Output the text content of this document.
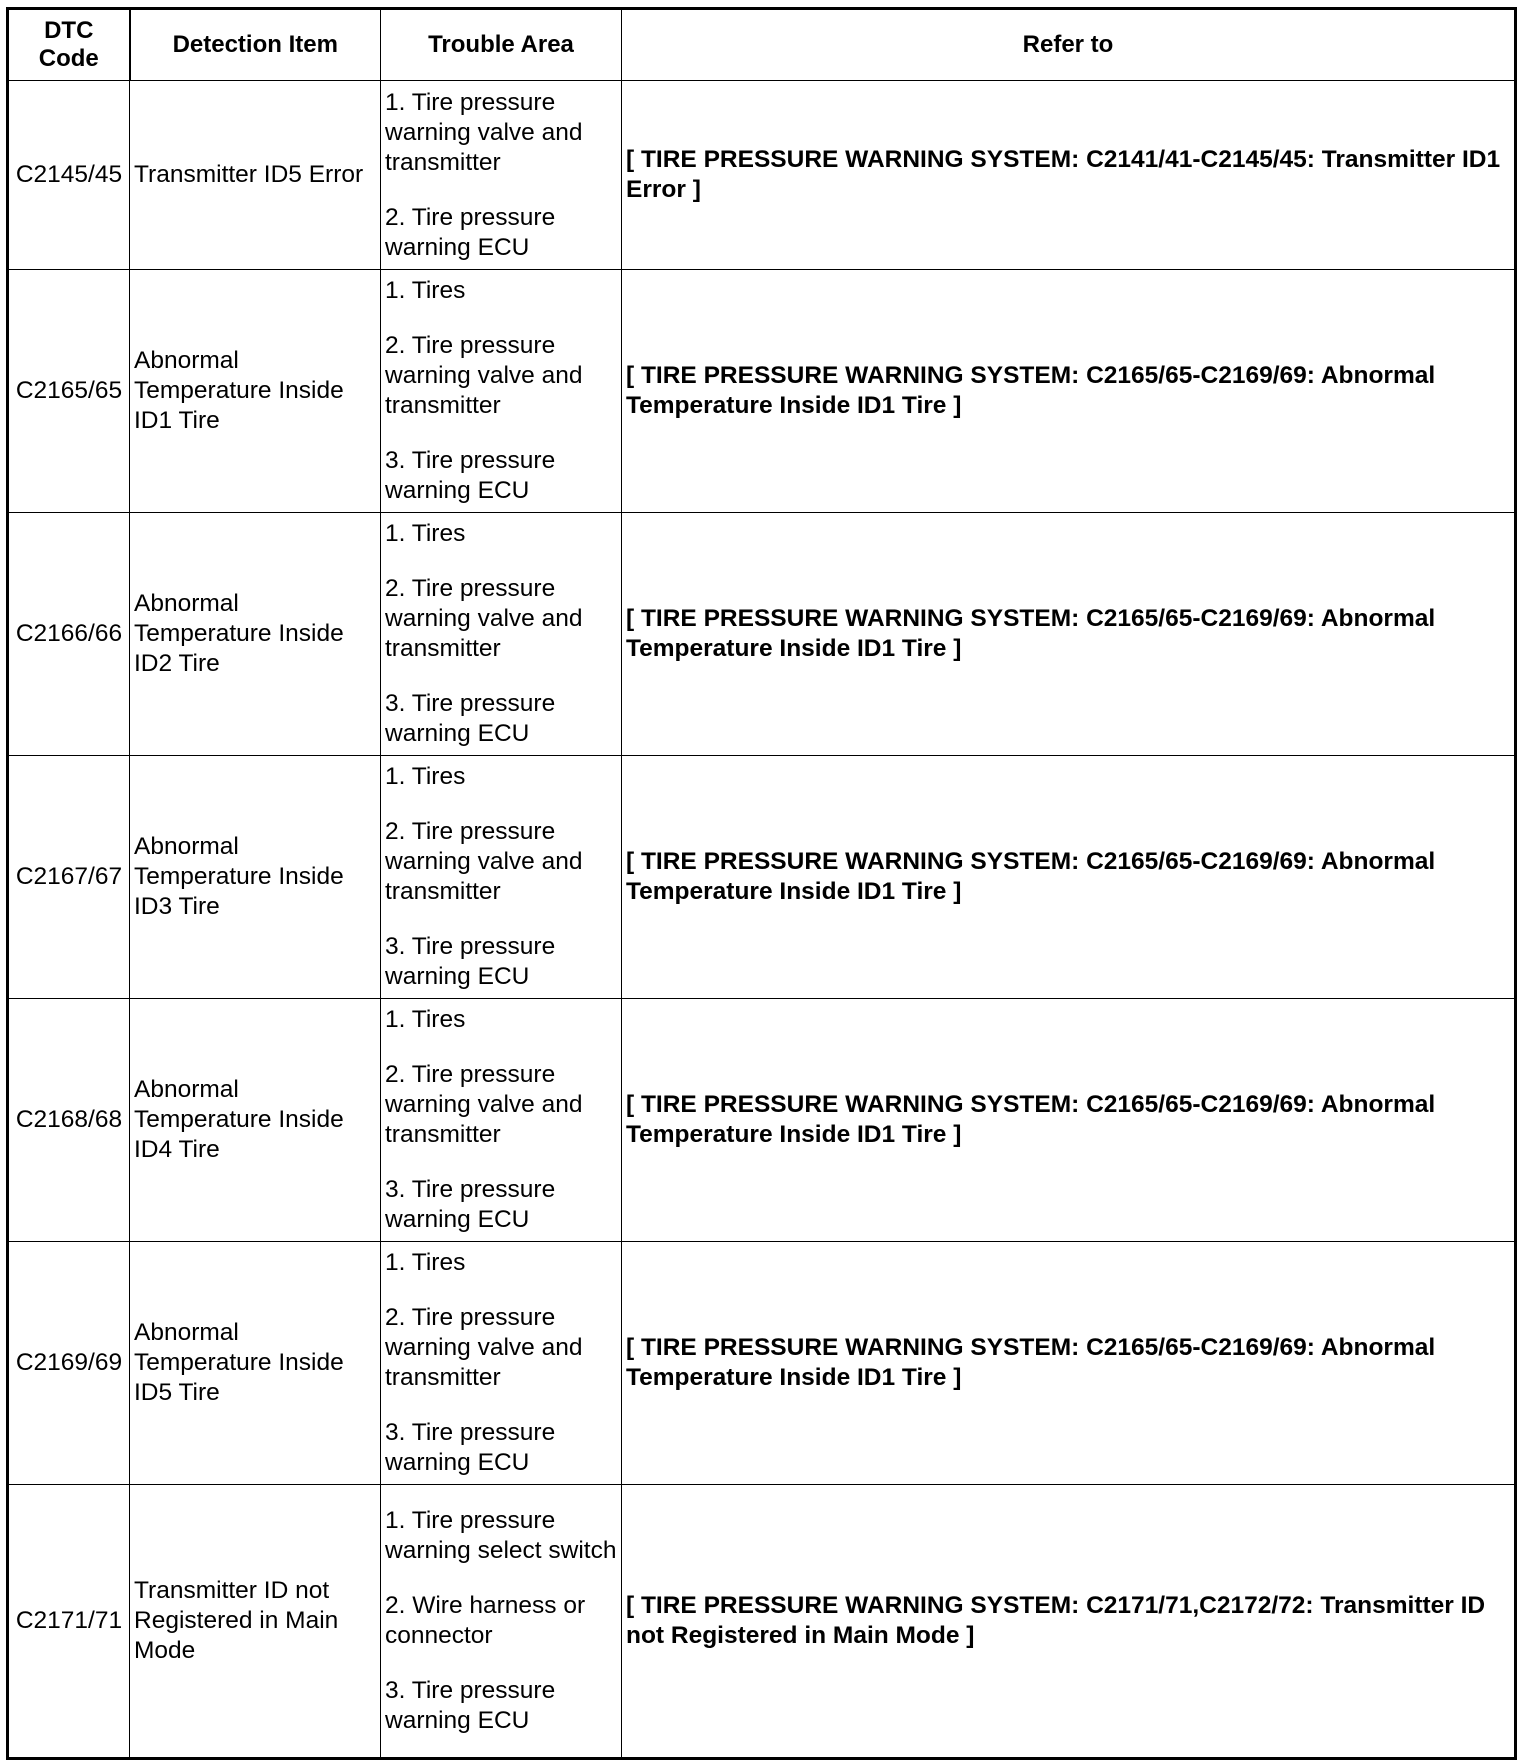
DTC
Code	Detection Item	Trouble Area	Refer to
C2145/45	Transmitter ID5 Error	1. Tire pressure warning valve and transmitter
2. Tire pressure warning ECU	[ TIRE PRESSURE WARNING SYSTEM: C2141/41-C2145/45: Transmitter ID1 Error ]
C2165/65	Abnormal Temperature Inside ID1 Tire	1. Tires
2. Tire pressure warning valve and transmitter
3. Tire pressure warning ECU	[ TIRE PRESSURE WARNING SYSTEM: C2165/65-C2169/69: Abnormal Temperature Inside ID1 Tire ]
C2166/66	Abnormal Temperature Inside ID2 Tire	1. Tires
2. Tire pressure warning valve and transmitter
3. Tire pressure warning ECU	[ TIRE PRESSURE WARNING SYSTEM: C2165/65-C2169/69: Abnormal Temperature Inside ID1 Tire ]
C2167/67	Abnormal Temperature Inside ID3 Tire	1. Tires
2. Tire pressure warning valve and transmitter
3. Tire pressure warning ECU	[ TIRE PRESSURE WARNING SYSTEM: C2165/65-C2169/69: Abnormal Temperature Inside ID1 Tire ]
C2168/68	Abnormal Temperature Inside ID4 Tire	1. Tires
2. Tire pressure warning valve and transmitter
3. Tire pressure warning ECU	[ TIRE PRESSURE WARNING SYSTEM: C2165/65-C2169/69: Abnormal Temperature Inside ID1 Tire ]
C2169/69	Abnormal Temperature Inside ID5 Tire	1. Tires
2. Tire pressure warning valve and transmitter
3. Tire pressure warning ECU	[ TIRE PRESSURE WARNING SYSTEM: C2165/65-C2169/69: Abnormal Temperature Inside ID1 Tire ]
C2171/71	Transmitter ID not Registered in Main Mode	1. Tire pressure warning select switch
2. Wire harness or connector
3. Tire pressure warning ECU	[ TIRE PRESSURE WARNING SYSTEM: C2171/71,C2172/72: Transmitter ID not Registered in Main Mode ]
